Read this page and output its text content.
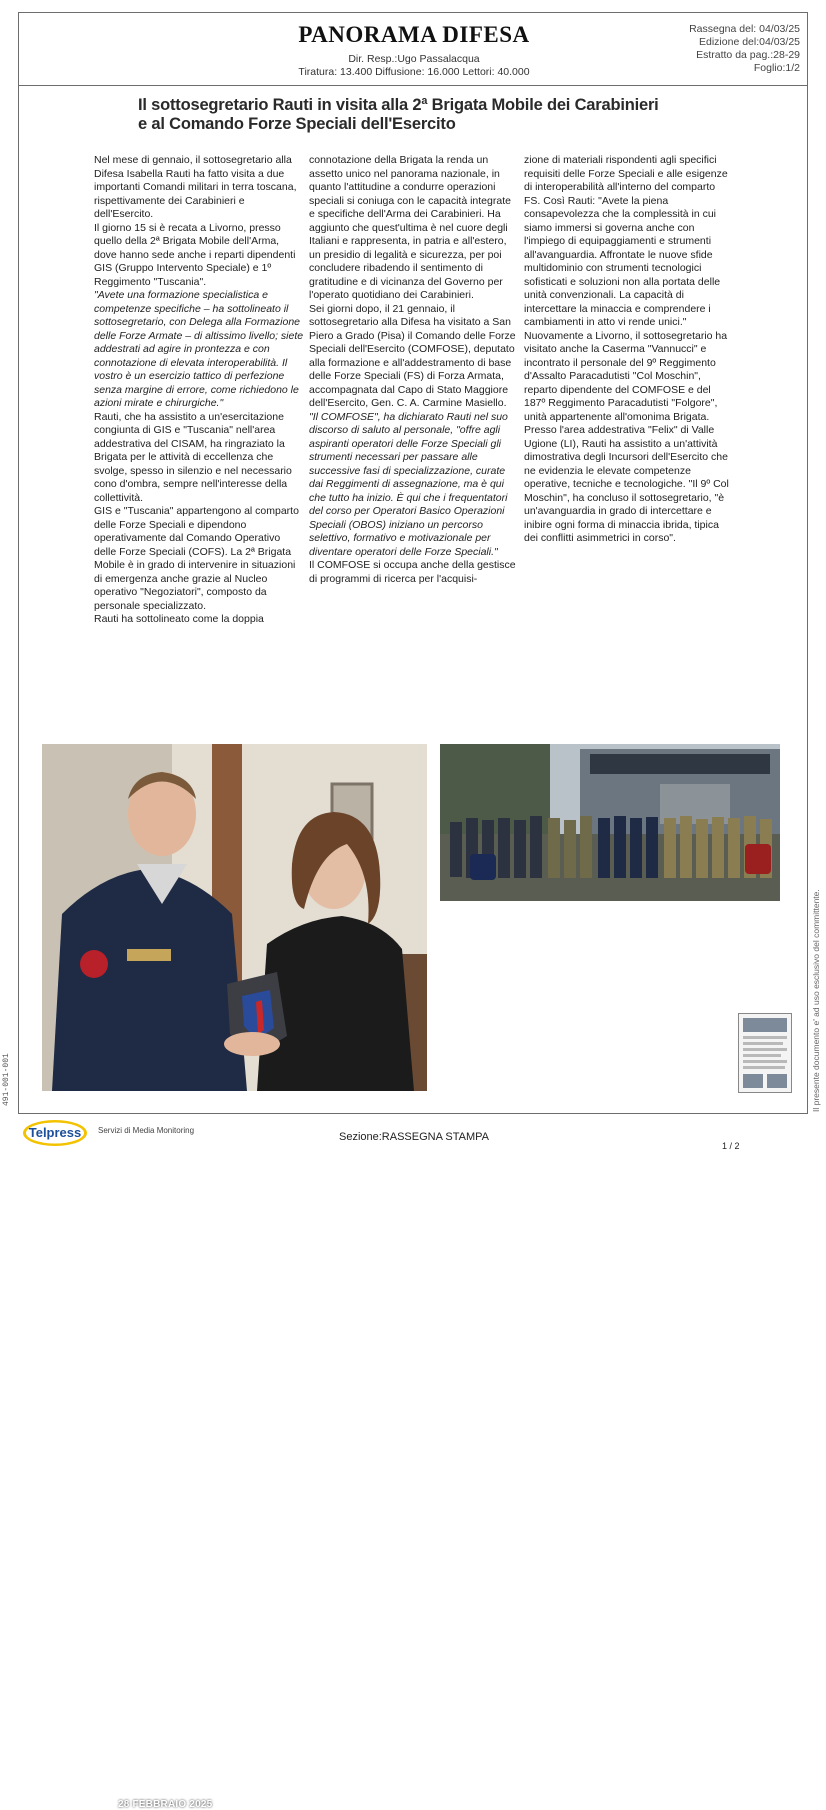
PANORAMA DIFESA
Dir. Resp.:Ugo Passalacqua
Tiratura: 13.400 Diffusione: 16.000 Lettori: 40.000
Rassegna del: 04/03/25
Edizione del:04/03/25
Estratto da pag.:28-29
Foglio:1/2
Il sottosegretario Rauti in visita alla 2ª Brigata Mobile dei Carabinieri
e al Comando Forze Speciali dell'Esercito

Nel mese di gennaio, il sottosegretario alla Difesa Isabella Rauti ha fatto visita a due importanti Comandi militari in terra toscana, rispettivamente dei Carabinieri e dell'Esercito.

Il giorno 15 si è recata a Livorno, presso quello della 2ª Brigata Mobile dell'Arma, dove hanno sede anche i reparti dipendenti GIS (Gruppo Intervento Speciale) e 1º Reggimento "Tuscania".

"Avete una formazione specialistica e competenze specifiche – ha sottolineato il sottosegretario, con Delega alla Formazione delle Forze Armate – di altissimo livello; siete addestrati ad agire in prontezza e con connotazione di elevata interoperabilità. Il vostro è un esercizio tattico di perfezione senza margine di errore, come richiedono le azioni mirate e chirurgiche."

Rauti, che ha assistito a un'esercitazione congiunta di GIS e "Tuscania" nell'area addestrativa del CISAM, ha ringraziato la Brigata per le attività di eccellenza che svolge, spesso in silenzio e nel necessario cono d'ombra, sempre nell'interesse della collettività.

GIS e "Tuscania" appartengono al comparto delle Forze Speciali e dipendono operativamente dal Comando Operativo delle Forze Speciali (COFS). La 2ª Brigata Mobile è in grado di intervenire in situazioni di emergenza anche grazie al Nucleo operativo "Negoziatori", composto da personale specializzato.

Rauti ha sottolineato come la doppia

connotazione della Brigata la renda un assetto unico nel panorama nazionale, in quanto l'attitudine a condurre operazioni speciali si coniuga con le capacità integrate e specifiche dell'Arma dei Carabinieri. Ha aggiunto che quest'ultima è nel cuore degli Italiani e rappresenta, in patria e all'estero, un presidio di legalità e sicurezza, per poi concludere ribadendo il sentimento di gratitudine e di vicinanza del Governo per l'operato quotidiano dei Carabinieri.

Sei giorni dopo, il 21 gennaio, il sottosegretario alla Difesa ha visitato a San Piero a Grado (Pisa) il Comando delle Forze Speciali dell'Esercito (COMFOSE), deputato alla formazione e all'addestramento di base delle Forze Speciali (FS) di Forza Armata, accompagnata dal Capo di Stato Maggiore dell'Esercito, Gen. C. A. Carmine Masiello.

"Il COMFOSE", ha dichiarato Rauti nel suo discorso di saluto al personale, "offre agli aspiranti operatori delle Forze Speciali gli strumenti necessari per passare alle successive fasi di specializzazione, curate dai Reggimenti di assegnazione, ma è qui che tutto ha inizio. È qui che i frequentatori del corso per Operatori Basico Operazioni Speciali (OBOS) iniziano un percorso selettivo, formativo e motivazionale per diventare operatori delle Forze Speciali."

Il COMFOSE si occupa anche della gestisce di programmi di ricerca per l'acquisi-

zione di materiali rispondenti agli specifici requisiti delle Forze Speciali e alle esigenze di interoperabilità all'interno del comparto FS. Così Rauti: "Avete la piena consapevolezza che la complessità in cui siamo immersi si governa anche con l'impiego di equipaggiamenti e strumenti all'avanguardia. Affrontate le nuove sfide multidominio con strumenti tecnologici sofisticati e soluzioni non alla portata delle unità convenzionali. La capacità di intercettare la minaccia e comprendere i cambiamenti in atto vi rende unici."

Nuovamente a Livorno, il sottosegretario ha visitato anche la Caserma "Vannucci" e incontrato il personale del 9º Reggimento d'Assalto Paracadutisti "Col Moschin", reparto dipendente del COMFOSE e del 187º Reggimento Paracadutisti "Folgore", unità appartenente all'omonima Brigata.

Presso l'area addestrativa "Felix" di Valle Ugione (LI), Rauti ha assistito a un'attività dimostrativa degli Incursori dell'Esercito che ne evidenzia le elevate competenze operative, tecniche e tecnologiche. "Il 9º Col Moschin", ha concluso il sottosegretario, "è un'avanguardia in grado di intercettare e inibire ogni forma di minaccia ibrida, tipica dei conflitti asimmetrici in corso".

28 FEBBRAIO 2025
Il presente documento e' ad uso esclusivo del committente.
491-001-001
Telpress	Servizi di Media Monitoring
Sezione:RASSEGNA STAMPA
1 / 2
